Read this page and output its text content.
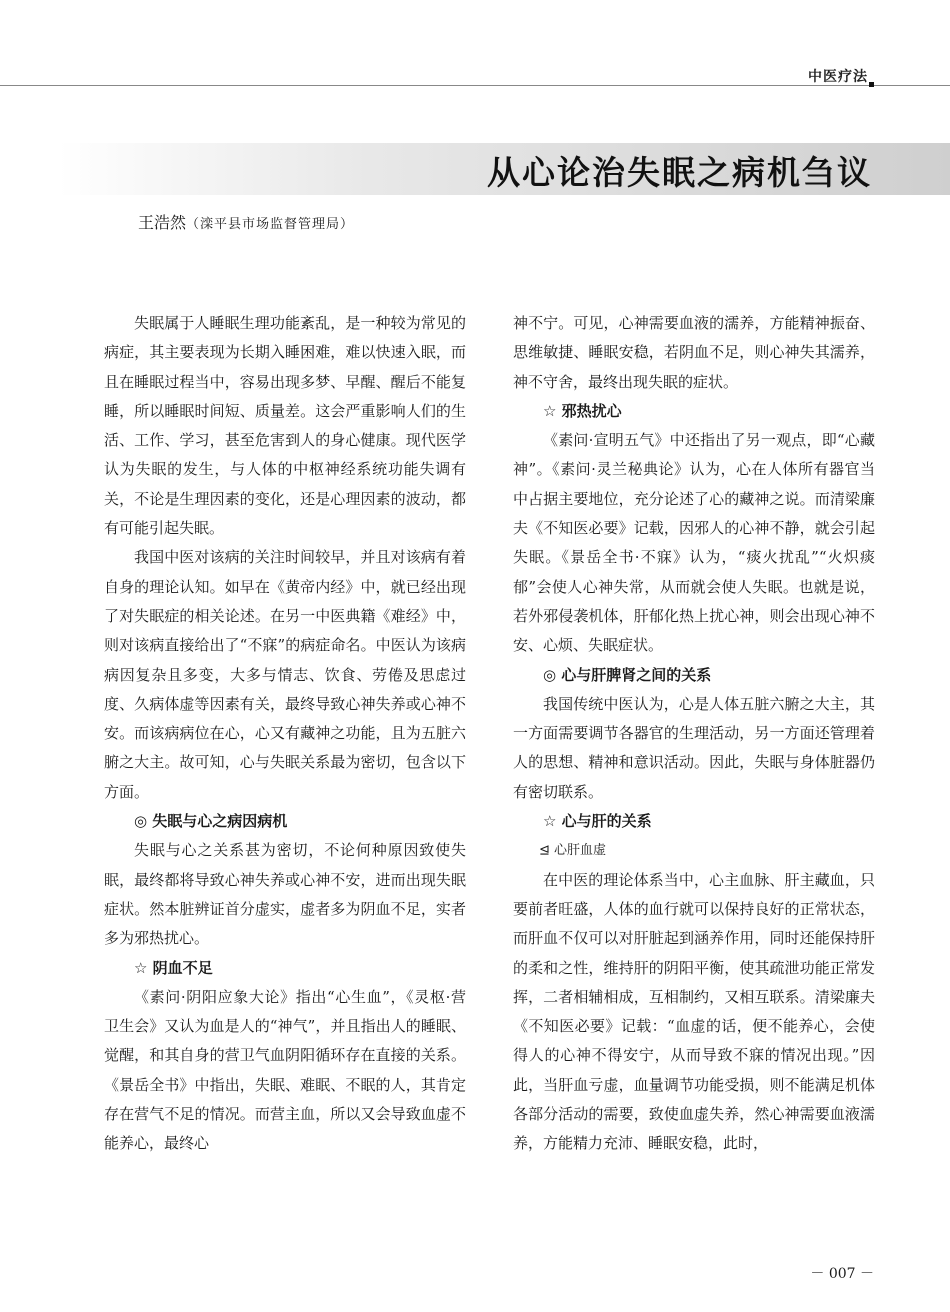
中医疗法
从心论治失眠之病机刍议
王浩然（滦平县市场监督管理局）

失眠属于人睡眠生理功能紊乱，是一种较为常见的病症，其主要表现为长期入睡困难，难以快速入眠，而且在睡眠过程当中，容易出现多梦、早醒、醒后不能复睡，所以睡眠时间短、质量差。这会严重影响人们的生活、工作、学习，甚至危害到人的身心健康。现代医学认为失眠的发生，与人体的中枢神经系统功能失调有关，不论是生理因素的变化，还是心理因素的波动，都有可能引起失眠。

我国中医对该病的关注时间较早，并且对该病有着自身的理论认知。如早在《黄帝内经》中，就已经出现了对失眠症的相关论述。在另一中医典籍《难经》中，则对该病直接给出了“不寐”的病症命名。中医认为该病病因复杂且多变，大多与情志、饮食、劳倦及思虑过度、久病体虚等因素有关，最终导致心神失养或心神不安。而该病病位在心，心又有藏神之功能，且为五脏六腑之大主。故可知，心与失眠关系最为密切，包含以下方面。

◎ 失眠与心之病因病机

失眠与心之关系甚为密切，不论何种原因致使失眠，最终都将导致心神失养或心神不安，进而出现失眠症状。然本脏辨证首分虚实，虚者多为阴血不足，实者多为邪热扰心。

☆ 阴血不足

《素问·阴阳应象大论》指出“心生血”，《灵枢·营卫生会》又认为血是人的“神气”，并且指出人的睡眠、觉醒，和其自身的营卫气血阴阳循环存在直接的关系。《景岳全书》中指出，失眠、难眠、不眠的人，其肯定存在营气不足的情况。而营主血，所以又会导致血虚不能养心，最终心

神不宁。可见，心神需要血液的濡养，方能精神振奋、思维敏捷、睡眠安稳，若阴血不足，则心神失其濡养，神不守舍，最终出现失眠的症状。

☆ 邪热扰心

《素问·宣明五气》中还指出了另一观点，即“心藏神”。《素问·灵兰秘典论》认为，心在人体所有器官当中占据主要地位，充分论述了心的藏神之说。而清梁廉夫《不知医必要》记载，因邪人的心神不静，就会引起失眠。《景岳全书·不寐》认为，“痰火扰乱”“火炽痰郁”会使人心神失常，从而就会使人失眠。也就是说，若外邪侵袭机体，肝郁化热上扰心神，则会出现心神不安、心烦、失眠症状。

◎ 心与肝脾肾之间的关系

我国传统中医认为，心是人体五脏六腑之大主，其一方面需要调节各器官的生理活动，另一方面还管理着人的思想、精神和意识活动。因此，失眠与身体脏器仍有密切联系。

☆ 心与肝的关系
⊴ 心肝血虚

在中医的理论体系当中，心主血脉、肝主藏血，只要前者旺盛，人体的血行就可以保持良好的正常状态，而肝血不仅可以对肝脏起到涵养作用，同时还能保持肝的柔和之性，维持肝的阴阳平衡，使其疏泄功能正常发挥，二者相辅相成，互相制约，又相互联系。清梁廉夫《不知医必要》记载：“血虚的话，便不能养心，会使得人的心神不得安宁，从而导致不寐的情况出现。”因此，当肝血亏虚，血量调节功能受损，则不能满足机体各部分活动的需要，致使血虚失养，然心神需要血液濡养，方能精力充沛、睡眠安稳，此时，

－ 007 －
